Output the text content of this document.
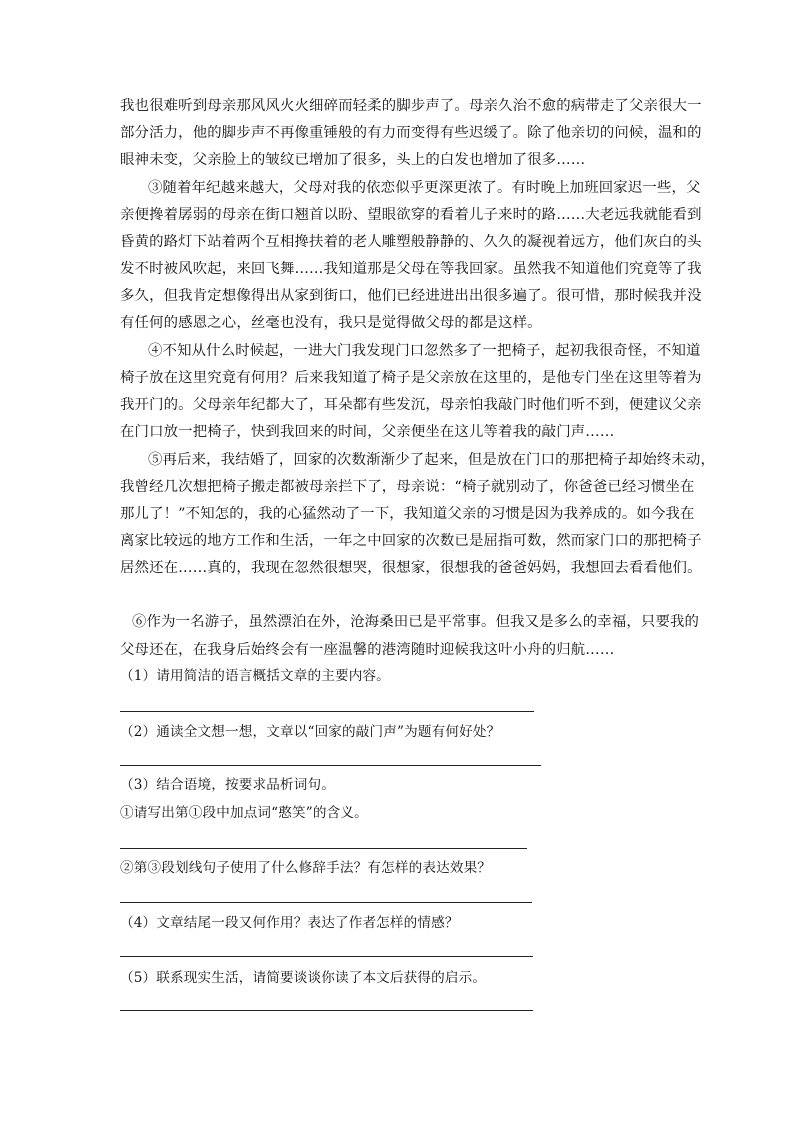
我也很难听到母亲那风风火火细碎而轻柔的脚步声了。母亲久治不愈的病带走了父亲很大一
部分活力，他的脚步声不再像重锤般的有力而变得有些迟缓了。除了他亲切的问候，温和的
眼神未变，父亲脸上的皱纹已增加了很多，头上的白发也增加了很多……
③随着年纪越来越大，父母对我的依恋似乎更深更浓了。有时晚上加班回家迟一些，父
亲便搀着孱弱的母亲在街口翘首以盼、望眼欲穿的看着儿子来时的路……大老远我就能看到
昏黄的路灯下站着两个互相搀扶着的老人雕塑般静静的、久久的凝视着远方，他们灰白的头
发不时被风吹起，来回飞舞……我知道那是父母在等我回家。虽然我不知道他们究竟等了我
多久，但我肯定想像得出从家到街口，他们已经进进出出很多遍了。很可惜，那时候我并没
有任何的感恩之心，丝毫也没有，我只是觉得做父母的都是这样。
④不知从什么时候起，一进大门我发现门口忽然多了一把椅子，起初我很奇怪，不知道
椅子放在这里究竟有何用？后来我知道了椅子是父亲放在这里的，是他专门坐在这里等着为
我开门的。父母亲年纪都大了，耳朵都有些发沉，母亲怕我敲门时他们听不到，便建议父亲
在门口放一把椅子，快到我回来的时间，父亲便坐在这儿等着我的敲门声……
⑤再后来，我结婚了，回家的次数渐渐少了起来，但是放在门口的那把椅子却始终未动，
我曾经几次想把椅子搬走都被母亲拦下了，母亲说：“椅子就别动了，你爸爸已经习惯坐在
那儿了！”不知怎的，我的心猛然动了一下，我知道父亲的习惯是因为我养成的。如今我在
离家比较远的地方工作和生活，一年之中回家的次数已是屈指可数，然而家门口的那把椅子
居然还在……真的，我现在忽然很想哭，很想家，很想我的爸爸妈妈，我想回去看看他们。
⑥作为一名游子，虽然漂泊在外，沧海桑田已是平常事。但我又是多么的幸福，只要我的
父母还在，在我身后始终会有一座温馨的港湾随时迎候我这叶小舟的归航……
（1）请用简洁的语言概括文章的主要内容。
（2）通读全文想一想，文章以“回家的敲门声”为题有何好处？
（3）结合语境，按要求品析词句。
①请写出第①段中加点词“憨笑”的含义。
②第③段划线句子使用了什么修辞手法？有怎样的表达效果？
（4）文章结尾一段又何作用？表达了作者怎样的情感？
（5）联系现实生活，请简要谈谈你读了本文后获得的启示。
